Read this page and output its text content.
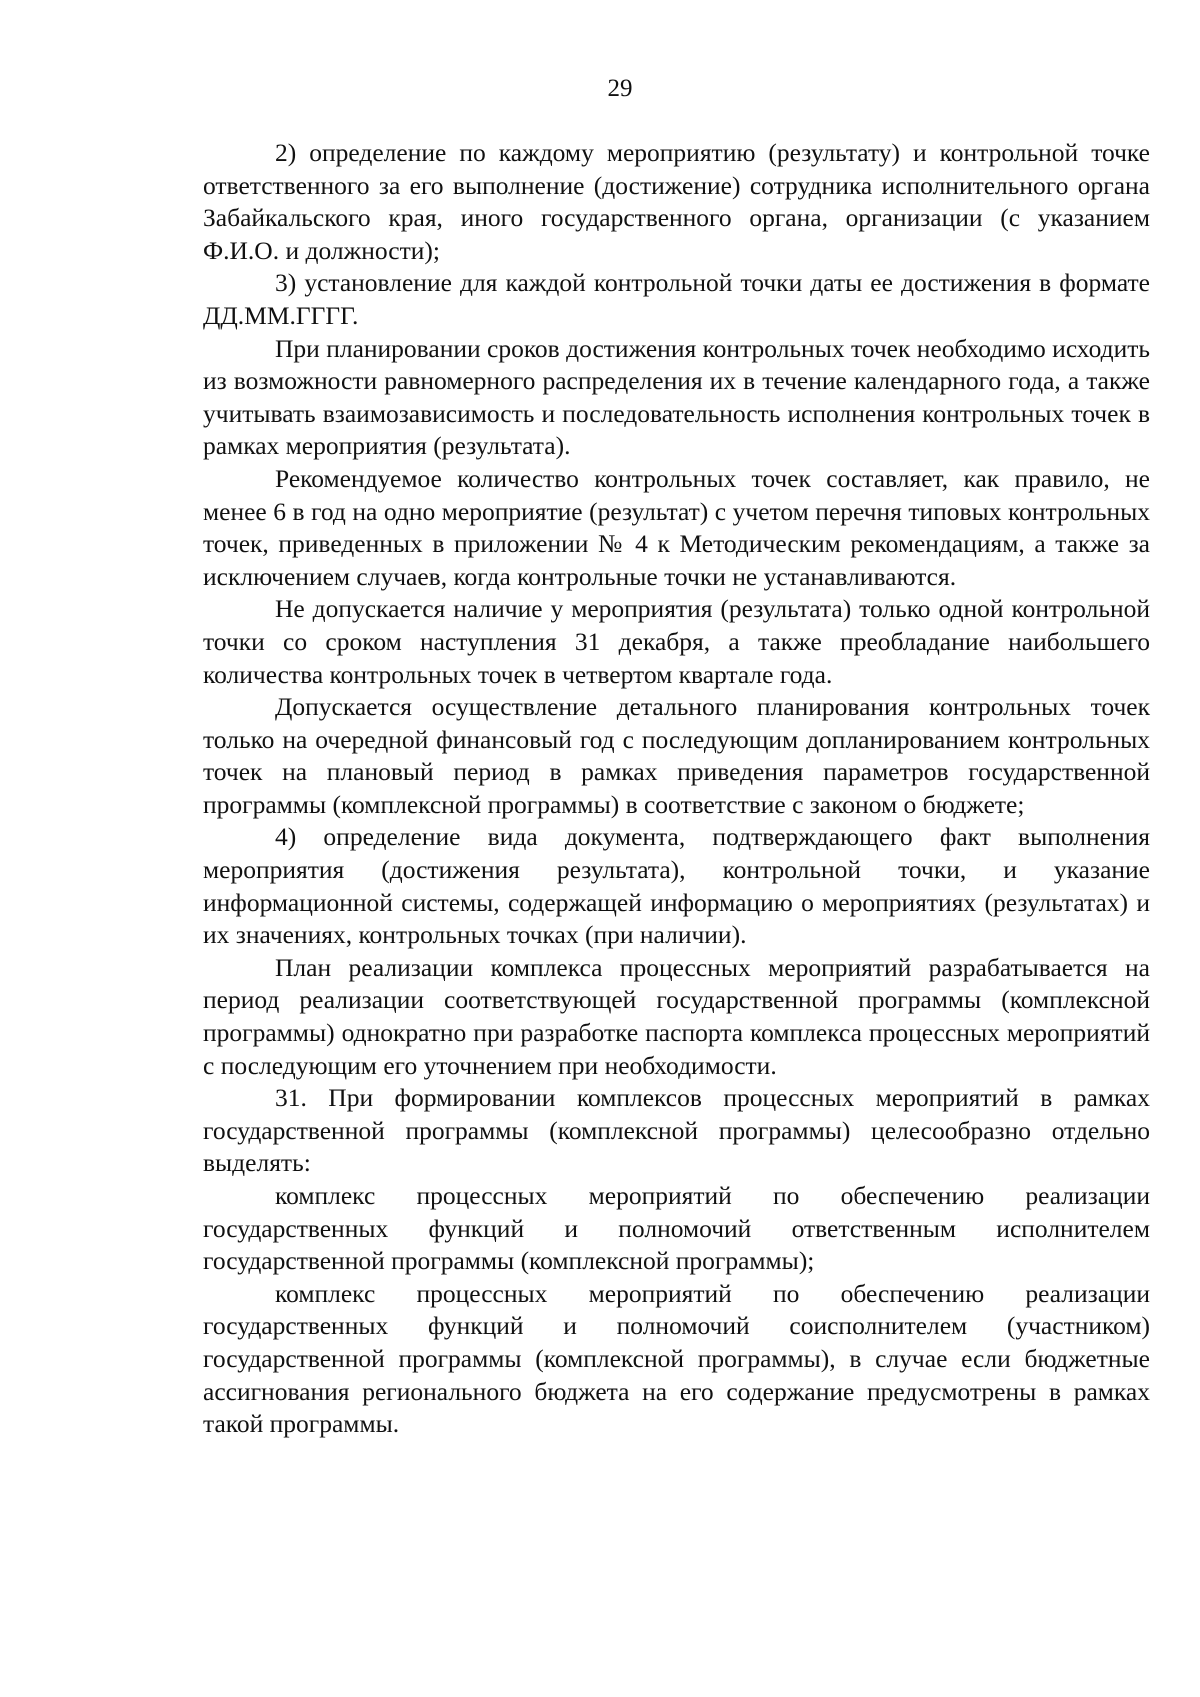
29

2) определение по каждому мероприятию (результату) и контрольной точке ответственного за его выполнение (достижение) сотрудника исполнительного органа Забайкальского края, иного государственного органа, организации (с указанием Ф.И.О. и должности);

3) установление для каждой контрольной точки даты ее достижения в формате ДД.ММ.ГГГГ.

При планировании сроков достижения контрольных точек необходимо исходить из возможности равномерного распределения их в течение календарного года, а также учитывать взаимозависимость и последовательность исполнения контрольных точек в рамках мероприятия (результата).

Рекомендуемое количество контрольных точек составляет, как правило, не менее 6 в год на одно мероприятие (результат) с учетом перечня типовых контрольных точек, приведенных в приложении № 4 к Методическим рекомендациям, а также за исключением случаев, когда контрольные точки не устанавливаются.

Не допускается наличие у мероприятия (результата) только одной контрольной точки со сроком наступления 31 декабря, а также преобладание наибольшего количества контрольных точек в четвертом квартале года.

Допускается осуществление детального планирования контрольных точек только на очередной финансовый год с последующим допланированием контрольных точек на плановый период в рамках приведения параметров государственной программы (комплексной программы) в соответствие с законом о бюджете;

4) определение вида документа, подтверждающего факт выполнения мероприятия (достижения результата), контрольной точки, и указание информационной системы, содержащей информацию о мероприятиях (результатах) и их значениях, контрольных точках (при наличии).

План реализации комплекса процессных мероприятий разрабатывается на период реализации соответствующей государственной программы (комплексной программы) однократно при разработке паспорта комплекса процессных мероприятий с последующим его уточнением при необходимости.

31. При формировании комплексов процессных мероприятий в рамках государственной программы (комплексной программы) целесообразно отдельно выделять:

комплекс процессных мероприятий по обеспечению реализации государственных функций и полномочий ответственным исполнителем государственной программы (комплексной программы);

комплекс процессных мероприятий по обеспечению реализации государственных функций и полномочий соисполнителем (участником) государственной программы (комплексной программы), в случае если бюджетные ассигнования регионального бюджета на его содержание предусмотрены в рамках такой программы.
